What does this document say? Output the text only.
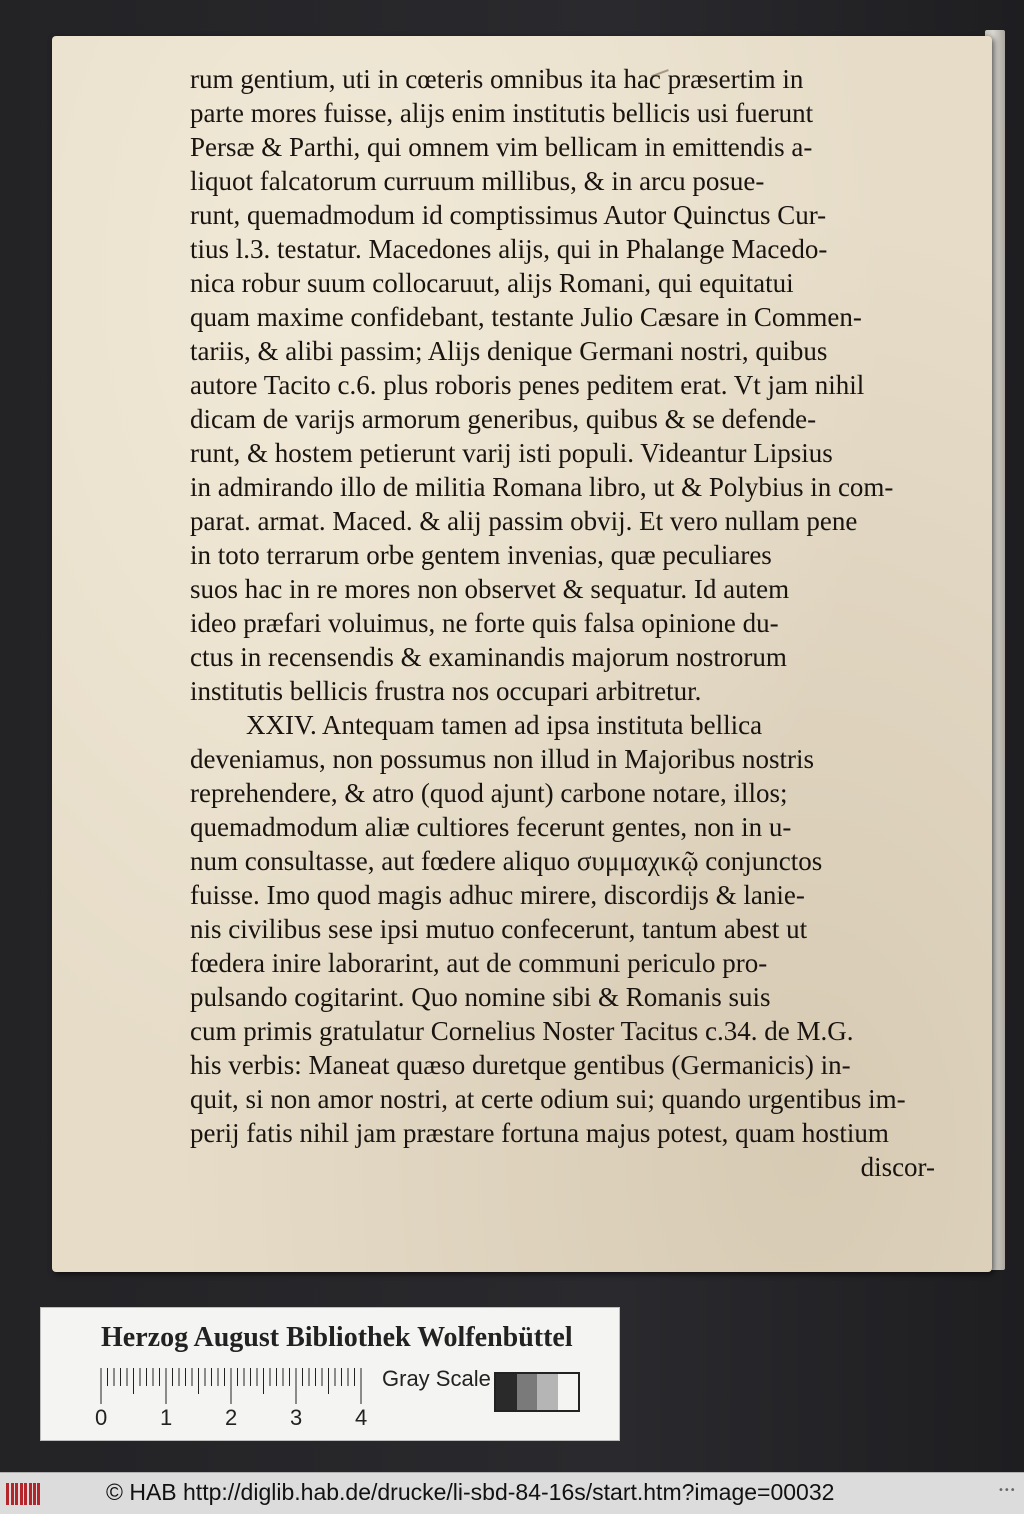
rum gentium, uti in cœteris omnibus ita hac præsertim in
parte mores fuisse, alijs enim institutis bellicis usi fuerunt
Persæ & Parthi, qui omnem vim bellicam in emittendis a-
liquot falcatorum curruum millibus, & in arcu posue-
runt, quemadmodum id comptissimus Autor Quinctus Cur-
tius l.3. testatur. Macedones alijs, qui in Phalange Macedo-
nica robur suum collocaruut, alijs Romani, qui equitatui
quam maxime confidebant, testante Julio Cæsare in Commen-
tariis, & alibi passim; Alijs denique Germani nostri, quibus
autore Tacito c.6. plus roboris penes peditem erat. Vt jam nihil
dicam de varijs armorum generibus, quibus & se defende-
runt, & hostem petierunt varij isti populi. Videantur Lipsius
in admirando illo de militia Romana libro, ut & Polybius in com-
parat. armat. Maced. & alij passim obvij. Et vero nullam pene
in toto terrarum orbe gentem invenias, quæ peculiares
suos hac in re mores non observet & sequatur. Id autem
ideo præfari voluimus, ne forte quis falsa opinione du-
ctus in recensendis & examinandis majorum nostrorum
institutis bellicis frustra nos occupari arbitretur.
XXIV. Antequam tamen ad ipsa instituta bellica
deveniamus, non possumus non illud in Majoribus nostris
reprehendere, & atro (quod ajunt) carbone notare, illos;
quemadmodum aliæ cultiores fecerunt gentes, non in u-
num consultasse, aut fœdere aliquo συμμαχικῷ conjunctos
fuisse. Imo quod magis adhuc mirere, discordijs & lanie-
nis civilibus sese ipsi mutuo confecerunt, tantum abest ut
fœdera inire laborarint, aut de communi periculo pro-
pulsando cogitarint. Quo nomine sibi & Romanis suis
cum primis gratulatur Cornelius Noster Tacitus c.34. de M.G.
his verbis: Maneat quæso duretque gentibus (Germanicis) in-
quit, si non amor nostri, at certe odium sui; quando urgentibus im-
perij fatis nihil jam præstare fortuna majus potest, quam hostium
discor-
Herzog August Bibliothek Wolfenbüttel
Gray Scale
0 1 2 3 4
© HAB http://diglib.hab.de/drucke/li-sbd-84-16s/start.htm?image=00032	•••
